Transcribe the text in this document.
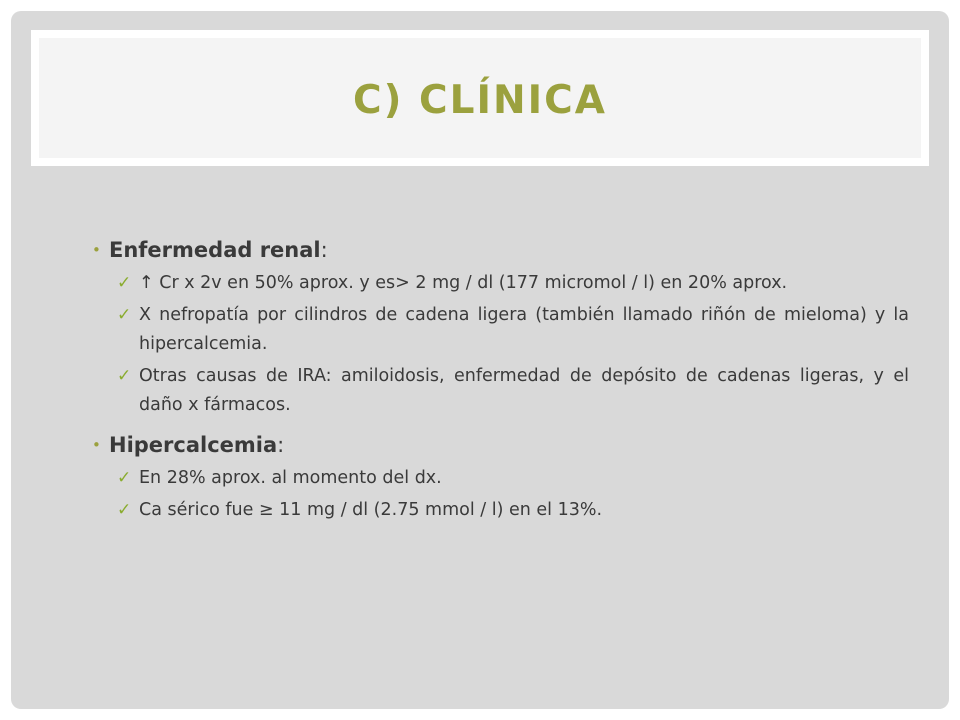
C) CLÍNICA

• Enfermedad renal:

✓ ↑ Cr x 2v en 50% aprox. y es> 2 mg / dl (177 micromol / l) en 20% aprox.

✓ X nefropatía por cilindros de cadena ligera (también llamado riñón de mieloma) y la hipercalcemia.

✓ Otras causas de IRA: amiloidosis, enfermedad de depósito de cadenas ligeras, y el daño x fármacos.

• Hipercalcemia:

✓ En 28% aprox. al momento del dx.

✓ Ca sérico fue ≥ 11 mg / dl (2.75 mmol / l) en el 13%.
